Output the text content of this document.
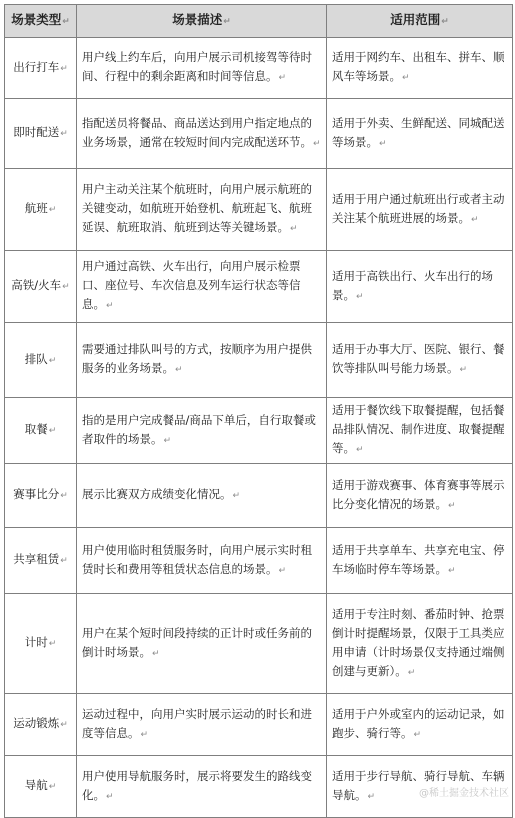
场景类型↵	场景描述↵	适用范围↵
出行打车↵	用户线上约车后，向用户展示司机接驾等待时间、行程中的剩余距离和时间等信息。↵	适用于网约车、出租车、拼车、顺风车等场景。↵
即时配送↵	指配送员将餐品、商品送达到用户指定地点的业务场景，通常在较短时间内完成配送环节。↵	适用于外卖、生鲜配送、同城配送等场景。↵
航班↵	用户主动关注某个航班时，向用户展示航班的关键变动，如航班开始登机、航班起飞、航班延误、航班取消、航班到达等关键场景。↵	适用于用户通过航班出行或者主动关注某个航班进展的场景。↵
高铁/火车↵	用户通过高铁、火车出行，向用户展示检票口、座位号、车次信息及列车运行状态等信息。↵	适用于高铁出行、火车出行的场景。↵
排队↵	需要通过排队叫号的方式，按顺序为用户提供服务的业务场景。↵	适用于办事大厅、医院、银行、餐饮等排队叫号能力场景。↵
取餐↵	指的是用户完成餐品/商品下单后，自行取餐或者取件的场景。↵	适用于餐饮线下取餐提醒，包括餐品排队情况、制作进度、取餐提醒等。↵
赛事比分↵	展示比赛双方成绩变化情况。↵	适用于游戏赛事、体育赛事等展示比分变化情况的场景。↵
共享租赁↵	用户使用临时租赁服务时，向用户展示实时租赁时长和费用等租赁状态信息的场景。↵	适用于共享单车、共享充电宝、停车场临时停车等场景。↵
计时↵	用户在某个短时间段持续的正计时或任务前的倒计时场景。↵	适用于专注时刻、番茄时钟、抢票倒计时提醒场景，仅限于工具类应用申请（计时场景仅支持通过端侧创建与更新）。↵
运动锻炼↵	运动过程中，向用户实时展示运动的时长和进度等信息。↵	适用于户外或室内的运动记录，如跑步、骑行等。↵
导航↵	用户使用导航服务时，展示将要发生的路线变化。↵	适用于步行导航、骑行导航、车辆导航。↵	@稀土掘金技术社区
